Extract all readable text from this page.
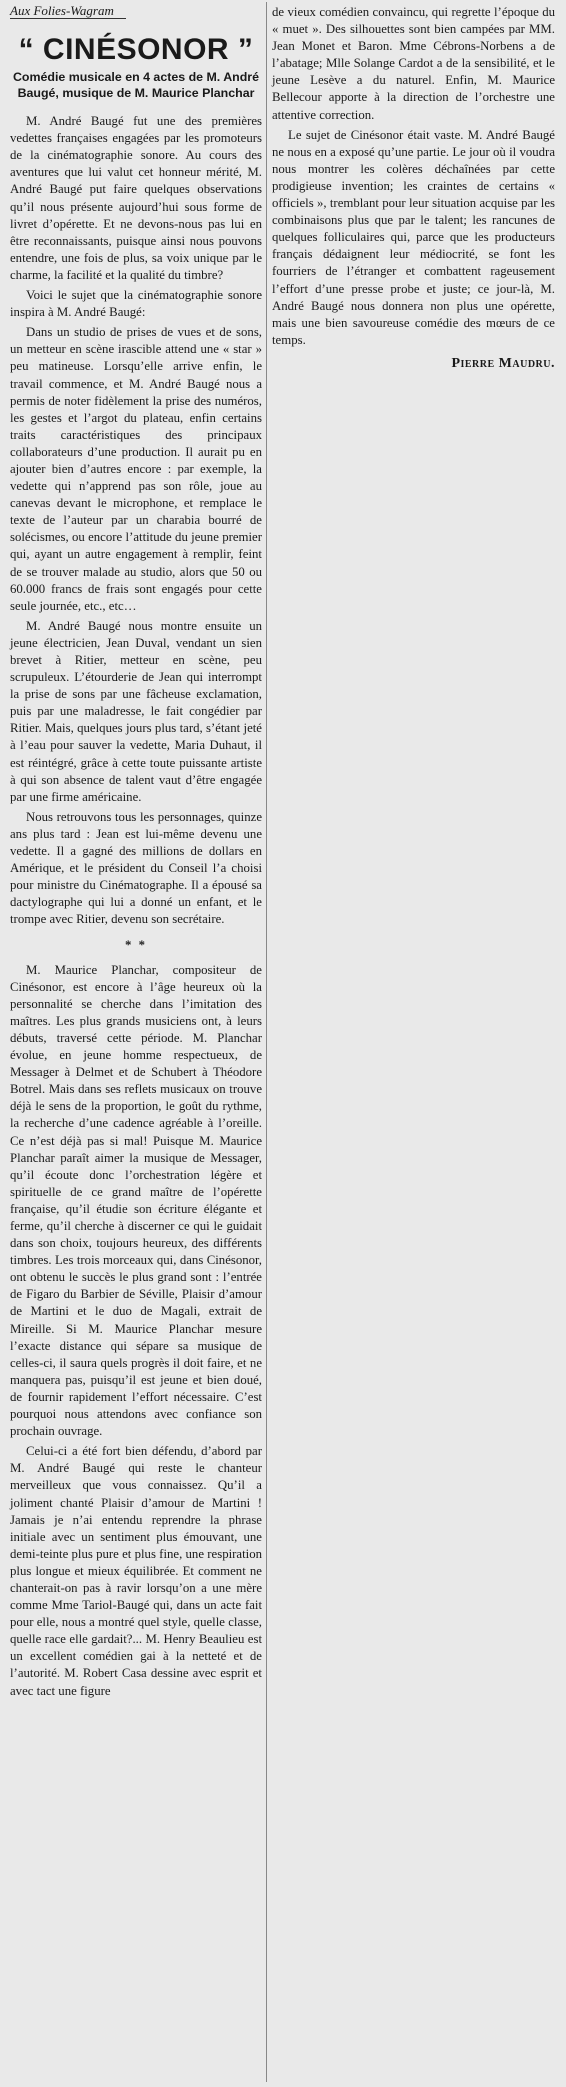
Aux Folies-Wagram
“ CINÉSONOR ”
Comédie musicale en 4 actes de M. André Baugé, musique de M. Maurice Planchar

M. André Baugé fut une des premières vedettes françaises engagées par les promoteurs de la cinématographie sonore. Au cours des aventures que lui valut cet honneur mérité, M. André Baugé put faire quelques observations qu’il nous présente aujourd’hui sous forme de livret d’opérette. Et ne devons-nous pas lui en être reconnaissants, puisque ainsi nous pouvons entendre, une fois de plus, sa voix unique par le charme, la facilité et la qualité du timbre?

Voici le sujet que la cinématographie sonore inspira à M. André Baugé:

Dans un studio de prises de vues et de sons, un metteur en scène irascible attend une « star » peu matineuse. Lorsqu’elle arrive enfin, le travail commence, et M. André Baugé nous a permis de noter fidèlement la prise des numéros, les gestes et l’argot du plateau, enfin certains traits caractéristiques des principaux collaborateurs d’une production. Il aurait pu en ajouter bien d’autres encore : par exemple, la vedette qui n’apprend pas son rôle, joue au canevas devant le microphone, et remplace le texte de l’auteur par un charabia bourré de solécismes, ou encore l’attitude du jeune premier qui, ayant un autre engagement à remplir, feint de se trouver malade au studio, alors que 50 ou 60.000 francs de frais sont engagés pour cette seule journée, etc., etc…

M. André Baugé nous montre ensuite un jeune électricien, Jean Duval, vendant un sien brevet à Ritier, metteur en scène, peu scrupuleux. L’étourderie de Jean qui interrompt la prise de sons par une fâcheuse exclamation, puis par une maladresse, le fait congédier par Ritier. Mais, quelques jours plus tard, s’étant jeté à l’eau pour sauver la vedette, Maria Duhaut, il est réintégré, grâce à cette toute puissante artiste à qui son absence de talent vaut d’être engagée par une firme américaine.

Nous retrouvons tous les personnages, quinze ans plus tard : Jean est lui-même devenu une vedette. Il a gagné des millions de dollars en Amérique, et le président du Conseil l’a choisi pour ministre du Cinématographe. Il a épousé sa dactylographe qui lui a donné un enfant, et le trompe avec Ritier, devenu son secrétaire.

* *

M. Maurice Planchar, compositeur de Cinésonor, est encore à l’âge heureux où la personnalité se cherche dans l’imitation des maîtres. Les plus grands musiciens ont, à leurs débuts, traversé cette période. M. Planchar évolue, en jeune homme respectueux, de Messager à Delmet et de Schubert à Théodore Botrel. Mais dans ses reflets musicaux on trouve déjà le sens de la proportion, le goût du rythme, la recherche d’une cadence agréable à l’oreille. Ce n’est déjà pas si mal! Puisque M. Maurice Planchar paraît aimer la musique de Messager, qu’il écoute donc l’orchestration légère et spirituelle de ce grand maître de l’opérette française, qu’il étudie son écriture élégante et ferme, qu’il cherche à discerner ce qui le guidait dans son choix, toujours heureux, des différents timbres. Les trois morceaux qui, dans Cinésonor, ont obtenu le succès le plus grand sont : l’entrée de Figaro du Barbier de Séville, Plaisir d’amour de Martini et le duo de Magali, extrait de Mireille. Si M. Maurice Planchar mesure l’exacte distance qui sépare sa musique de celles-ci, il saura quels progrès il doit faire, et ne manquera pas, puisqu’il est jeune et bien doué, de fournir rapidement l’effort nécessaire. C’est pourquoi nous attendons avec confiance son prochain ouvrage.

Celui-ci a été fort bien défendu, d’abord par M. André Baugé qui reste le chanteur merveilleux que vous connaissez. Qu’il a joliment chanté Plaisir d’amour de Martini ! Jamais je n’ai entendu reprendre la phrase initiale avec un sentiment plus émouvant, une demi-teinte plus pure et plus fine, une respiration plus longue et mieux équilibrée. Et comment ne chanterait-on pas à ravir lorsqu’on a une mère comme Mme Tariol-Baugé qui, dans un acte fait pour elle, nous a montré quel style, quelle classe, quelle race elle gardait?... M. Henry Beaulieu est un excellent comédien gai à la netteté et de l’autorité. M. Robert Casa dessine avec esprit et avec tact une figure

de vieux comédien convaincu, qui regrette l’époque du « muet ». Des silhouettes sont bien campées par MM. Jean Monet et Baron. Mme Cébrons-Norbens a de l’abatage; Mlle Solange Cardot a de la sensibilité, et le jeune Lesève a du naturel. Enfin, M. Maurice Bellecour apporte à la direction de l’orchestre une attentive correction.

Le sujet de Cinésonor était vaste. M. André Baugé ne nous en a exposé qu’une partie. Le jour où il voudra nous montrer les colères déchaînées par cette prodigieuse invention; les craintes de certains « officiels », tremblant pour leur situation acquise par les combinaisons plus que par le talent; les rancunes de quelques folliculaires qui, parce que les producteurs français dédaignent leur médiocrité, se font les fourriers de l’étranger et combattent rageusement l’effort d’une presse probe et juste; ce jour-là, M. André Baugé nous donnera non plus une opérette, mais une bien savoureuse comédie des mœurs de ce temps.

Pierre Maudru.
